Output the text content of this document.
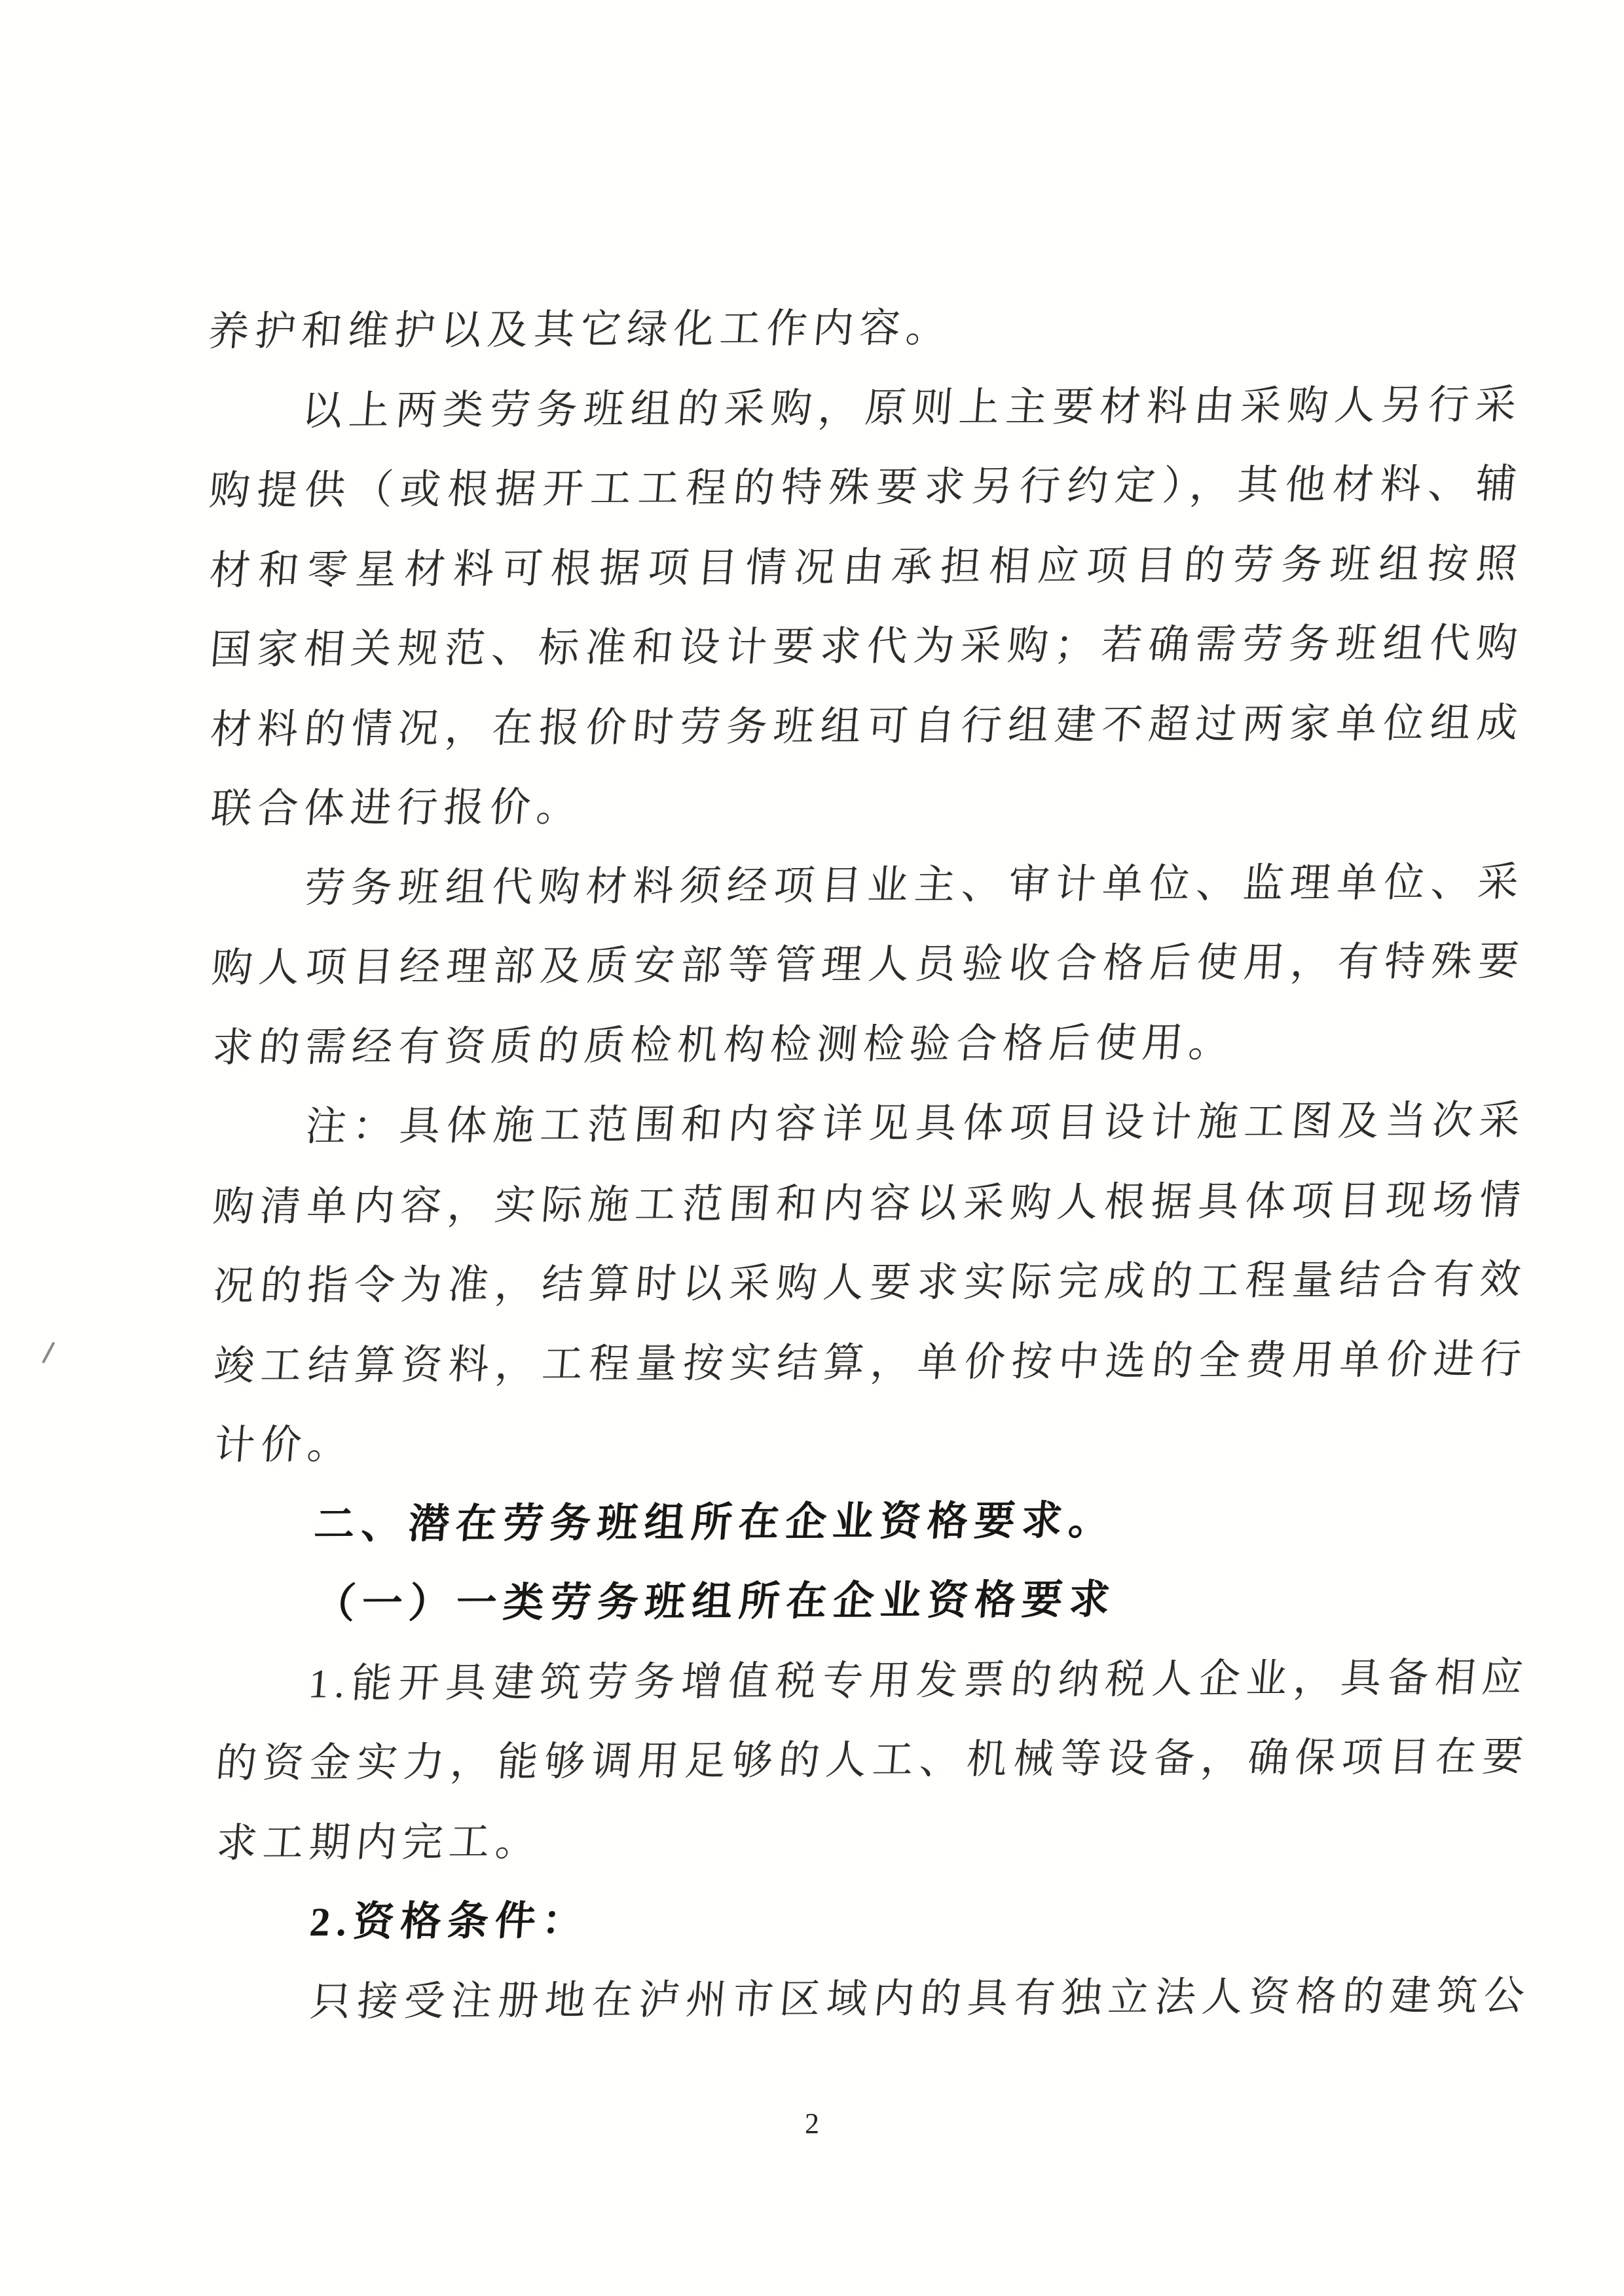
养护和维护以及其它绿化工作内容。

以上两类劳务班组的采购，原则上主要材料由采购人另行采

购提供（或根据开工工程的特殊要求另行约定），其他材料、辅

材和零星材料可根据项目情况由承担相应项目的劳务班组按照

国家相关规范、标准和设计要求代为采购；若确需劳务班组代购

材料的情况，在报价时劳务班组可自行组建不超过两家单位组成

联合体进行报价。

劳务班组代购材料须经项目业主、审计单位、监理单位、采

购人项目经理部及质安部等管理人员验收合格后使用，有特殊要

求的需经有资质的质检机构检测检验合格后使用。

注：具体施工范围和内容详见具体项目设计施工图及当次采

购清单内容，实际施工范围和内容以采购人根据具体项目现场情

况的指令为准，结算时以采购人要求实际完成的工程量结合有效

竣工结算资料，工程量按实结算，单价按中选的全费用单价进行

计价。

二、潜在劳务班组所在企业资格要求。

（一）一类劳务班组所在企业资格要求

1.能开具建筑劳务增值税专用发票的纳税人企业，具备相应

的资金实力，能够调用足够的人工、机械等设备，确保项目在要

求工期内完工。

2.资格条件：

只接受注册地在泸州市区域内的具有独立法人资格的建筑公

2
